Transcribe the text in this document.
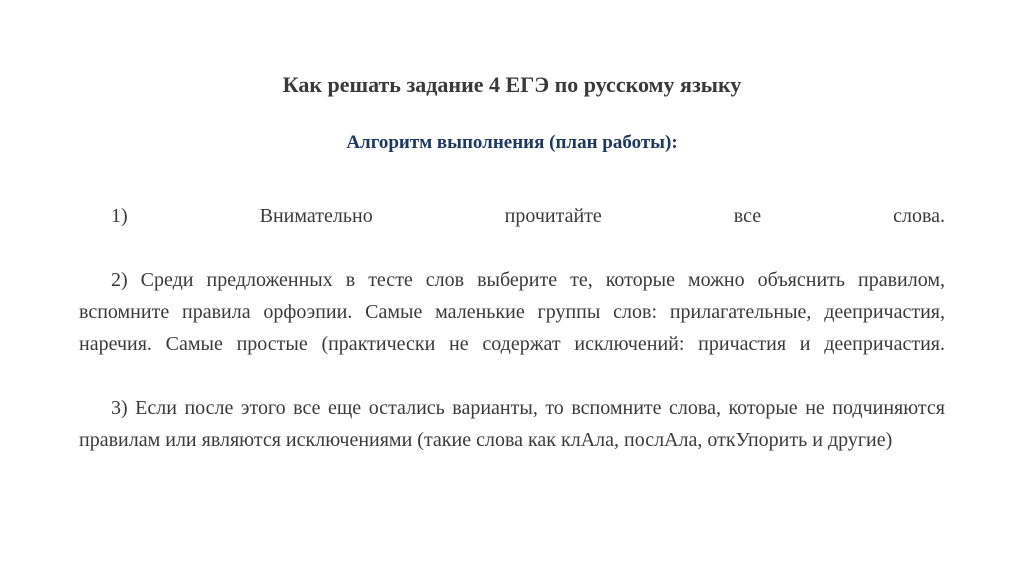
Как решать задание 4 ЕГЭ по русскому языку
Алгоритм выполнения (план работы):

1) Внимательно прочитайте все слова.

2) Среди предложенных в тесте слов выберите те, которые можно объяснить правилом, вспомните правила орфоэпии. Самые маленькие группы слов: прилагательные, деепричастия, наречия. Самые простые (практически не содержат исключений: причастия и деепричастия.

3) Если после этого все еще остались варианты, то вспомните слова, которые не подчиняются правилам или являются исключениями (такие слова как клАла, послАла, откУпорить и другие)
